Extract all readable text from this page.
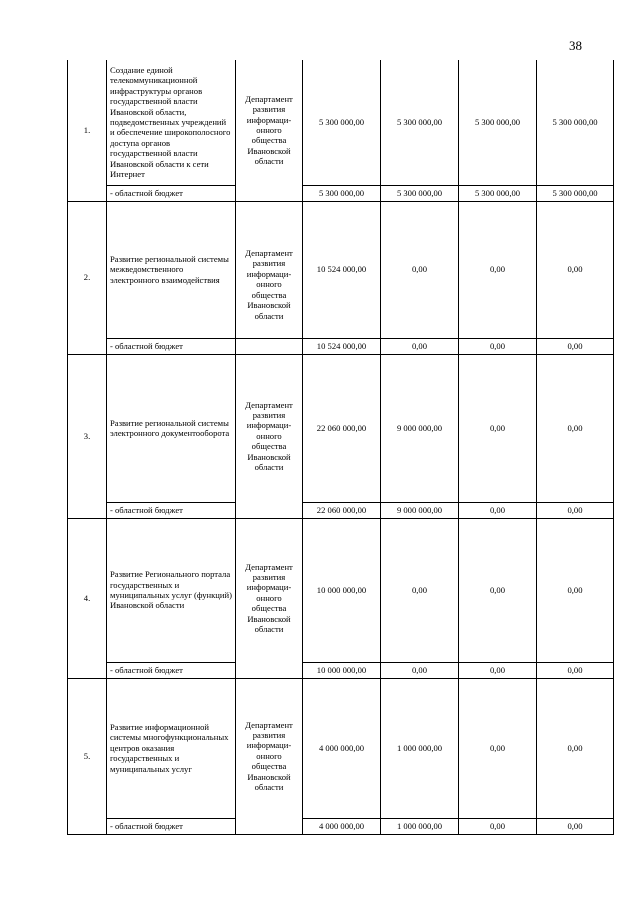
38
1.	Создание единой телекоммуникационной инфраструктуры органов государственной власти Ивановской области, подведомственных учреждений и обеспечение широкополосного доступа органов государственной власти Ивановской области к сети Интернет	Департамент развития информаци-онного общества Ивановской области	5 300 000,00	5 300 000,00	5 300 000,00	5 300 000,00
	- областной бюджет		5 300 000,00	5 300 000,00	5 300 000,00	5 300 000,00
2.	Развитие региональной системы межведомственного электронного взаимодействия	Департамент развития информаци-онного общества Ивановской области	10 524 000,00	0,00	0,00	0,00
	- областной бюджет		10 524 000,00	0,00	0,00	0,00
3.	Развитие региональной системы электронного документооборота	Департамент развития информаци-онного общества Ивановской области	22 060 000,00	9 000 000,00	0,00	0,00
	- областной бюджет		22 060 000,00	9 000 000,00	0,00	0,00
4.	Развитие Регионального портала государственных и муниципальных услуг (функций) Ивановской области	Департамент развития информаци-онного общества Ивановской области	10 000 000,00	0,00	0,00	0,00
	- областной бюджет		10 000 000,00	0,00	0,00	0,00
5.	Развитие информационной системы многофункциональных центров оказания государственных и муниципальных услуг	Департамент развития информаци-онного общества Ивановской области	4 000 000,00	1 000 000,00	0,00	0,00
	- областной бюджет		4 000 000,00	1 000 000,00	0,00	0,00
